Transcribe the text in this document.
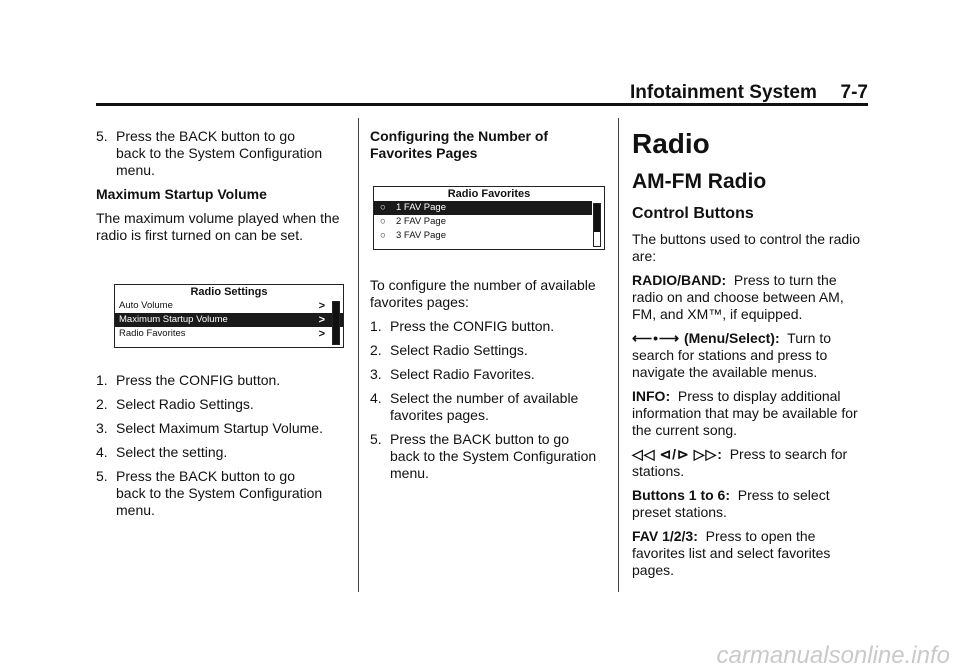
Infotainment System 7-7
5. Press the BACK button to go back to the System Configuration menu.

Maximum Startup Volume

The maximum volume played when the radio is first turned on can be set.

1. Press the CONFIG button.
2. Select Radio Settings.
3. Select Maximum Startup Volume.
4. Select the setting.
5. Press the BACK button to go back to the System Configuration menu.
Radio Settings
Auto Volume	>
Maximum Startup Volume	>
Radio Favorites	>

Configuring the Number of Favorites Pages

Radio Favorites
○ 1 FAV Page
○ 2 FAV Page
○ 3 FAV Page

To configure the number of available favorites pages:

1. Press the CONFIG button.
2. Select Radio Settings.
3. Select Radio Favorites.
4. Select the number of available favorites pages.
5. Press the BACK button to go back to the System Configuration menu.
Radio
AM-FM Radio
Control Buttons

The buttons used to control the radio are:

RADIO/BAND: Press to turn the radio on and choose between AM, FM, and XM™, if equipped.

⟵•⟶ (Menu/Select): Turn to search for stations and press to navigate the available menus.

INFO: Press to display additional information that may be available for the current song.

◁◁ ⊲/⊳ ▷▷: Press to search for stations.

Buttons 1 to 6: Press to select preset stations.

FAV 1/2/3: Press to open the favorites list and select favorites pages.

carmanualsonline.info
